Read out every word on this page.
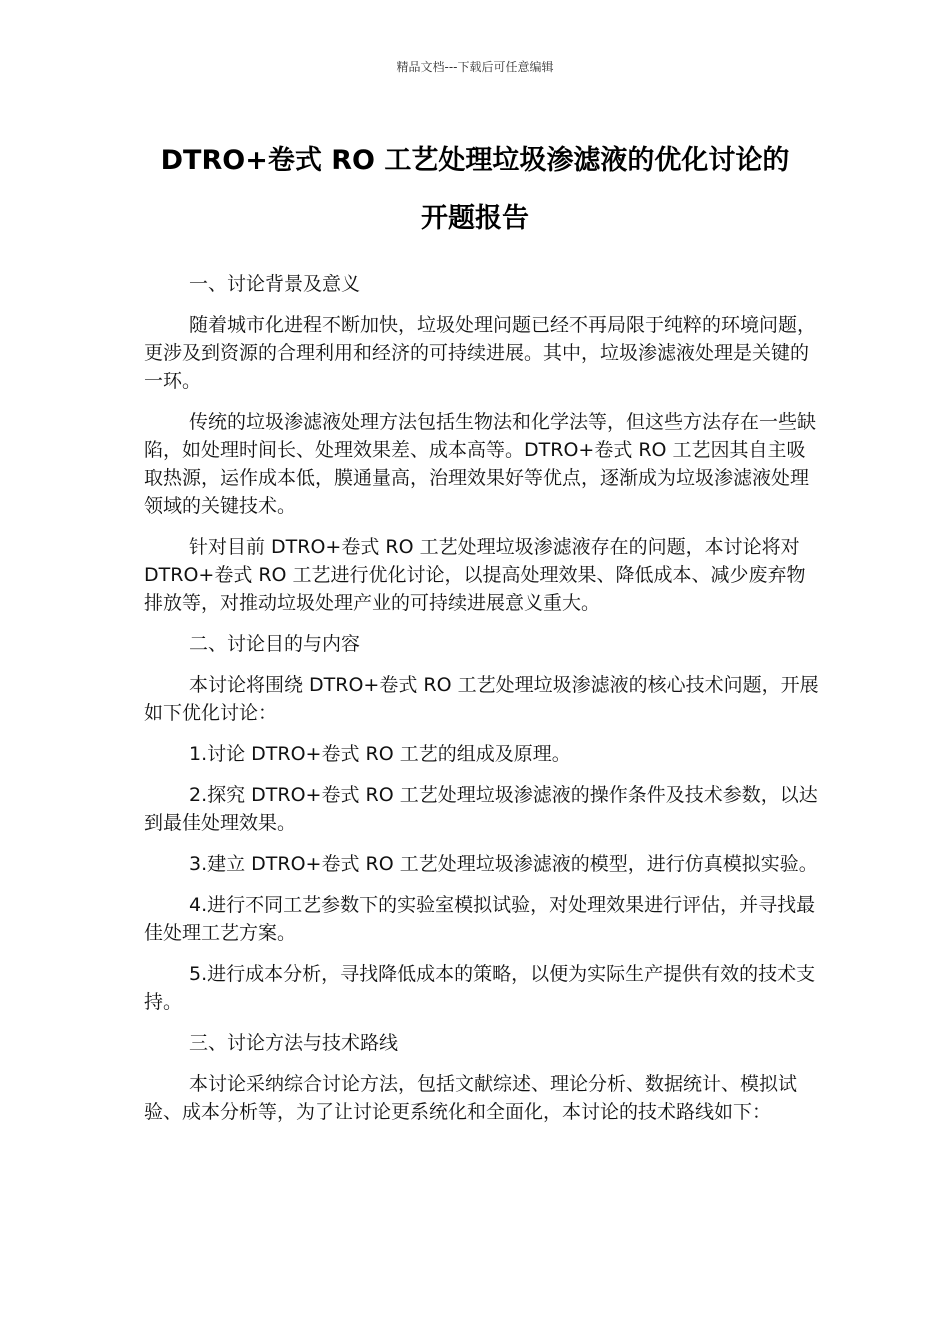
精品文档---下载后可任意编辑
DTRO+卷式 RO 工艺处理垃圾渗滤液的优化讨论的
开题报告

一、讨论背景及意义

随着城市化进程不断加快，垃圾处理问题已经不再局限于纯粹的环境问题，更涉及到资源的合理利用和经济的可持续进展。其中，垃圾渗滤液处理是关键的一环。

传统的垃圾渗滤液处理方法包括生物法和化学法等，但这些方法存在一些缺陷，如处理时间长、处理效果差、成本高等。DTRO+卷式 RO 工艺因其自主吸取热源，运作成本低，膜通量高，治理效果好等优点，逐渐成为垃圾渗滤液处理领域的关键技术。

针对目前 DTRO+卷式 RO 工艺处理垃圾渗滤液存在的问题，本讨论将对 DTRO+卷式 RO 工艺进行优化讨论，以提高处理效果、降低成本、减少废弃物排放等，对推动垃圾处理产业的可持续进展意义重大。

二、讨论目的与内容

本讨论将围绕 DTRO+卷式 RO 工艺处理垃圾渗滤液的核心技术问题，开展如下优化讨论：

1.讨论 DTRO+卷式 RO 工艺的组成及原理。

2.探究 DTRO+卷式 RO 工艺处理垃圾渗滤液的操作条件及技术参数，以达到最佳处理效果。

3.建立 DTRO+卷式 RO 工艺处理垃圾渗滤液的模型，进行仿真模拟实验。

4.进行不同工艺参数下的实验室模拟试验，对处理效果进行评估，并寻找最佳处理工艺方案。

5.进行成本分析，寻找降低成本的策略，以便为实际生产提供有效的技术支持。

三、讨论方法与技术路线

本讨论采纳综合讨论方法，包括文献综述、理论分析、数据统计、模拟试验、成本分析等，为了让讨论更系统化和全面化，本讨论的技术路线如下：
